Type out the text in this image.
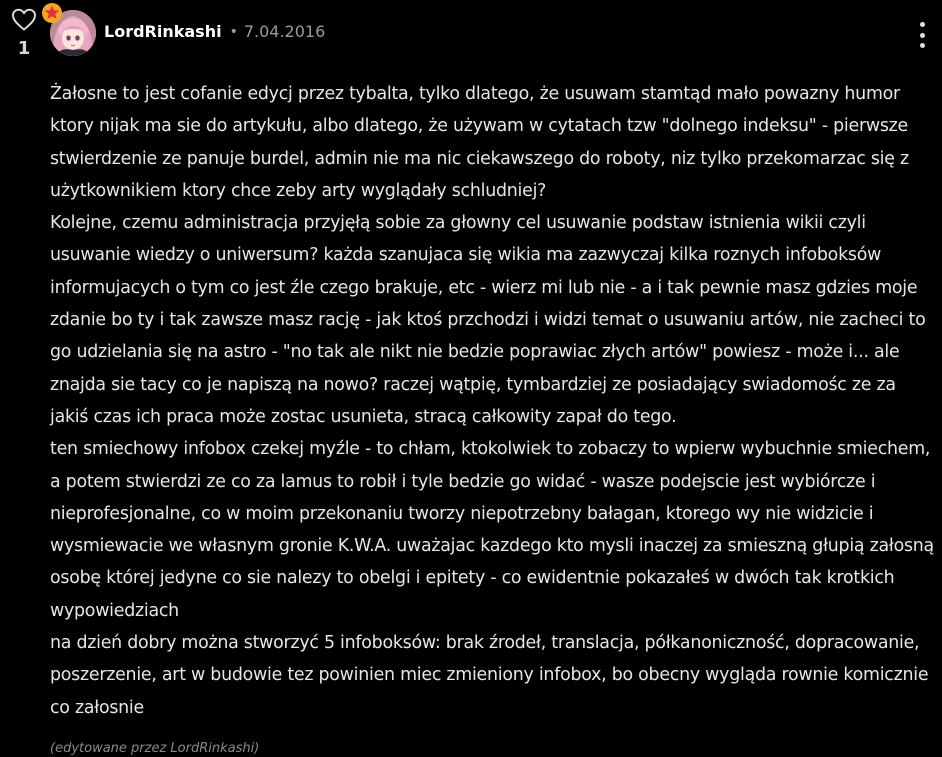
1
LordRinkashi • 7.04.2016

Żałosne to jest cofanie edycj przez tybalta, tylko dlatego, że usuwam stamtąd mało powazny humor ktory nijak ma sie do artykułu, albo dlatego, że używam w cytatach tzw "dolnego indeksu" - pierwsze stwierdzenie ze panuje burdel, admin nie ma nic ciekawszego do roboty, niz tylko przekomarzac się z użytkownikiem ktory chce zeby arty wyglądały schludniej?

Kolejne, czemu administracja przyjęłą sobie za głowny cel usuwanie podstaw istnienia wikii czyli usuwanie wiedzy o uniwersum? każda szanujaca się wikia ma zazwyczaj kilka roznych infoboksów informujacych o tym co jest źle czego brakuje, etc - wierz mi lub nie - a i tak pewnie masz gdzies moje zdanie bo ty i tak zawsze masz rację - jak ktoś przchodzi i widzi temat o usuwaniu artów, nie zacheci to go udzielania się na astro - "no tak ale nikt nie bedzie poprawiac złych artów" powiesz - może i... ale znajda sie tacy co je napiszą na nowo? raczej wątpię, tymbardziej ze posiadający swiadomośc ze za jakiś czas ich praca może zostac usunieta, stracą całkowity zapał do tego.

ten smiechowy infobox czekej myźle - to chłam, ktokolwiek to zobaczy to wpierw wybuchnie smiechem, a potem stwierdzi ze co za lamus to robił i tyle bedzie go widać - wasze podejscie jest wybiórcze i nieprofesjonalne, co w moim przekonaniu tworzy niepotrzebny bałagan, ktorego wy nie widzicie i wysmiewacie we własnym gronie K.W.A. uważajac kazdego kto mysli inaczej za smieszną głupią załosną osobę której jedyne co sie nalezy to obelgi i epitety - co ewidentnie pokazałeś w dwóch tak krotkich wypowiedziach

na dzień dobry można stworzyć 5 infoboksów: brak źrodeł, translacja, półkanoniczność, dopracowanie, poszerzenie, art w budowie tez powinien miec zmieniony infobox, bo obecny wygląda rownie komicznie co załosnie

(edytowane przez LordRinkashi)
